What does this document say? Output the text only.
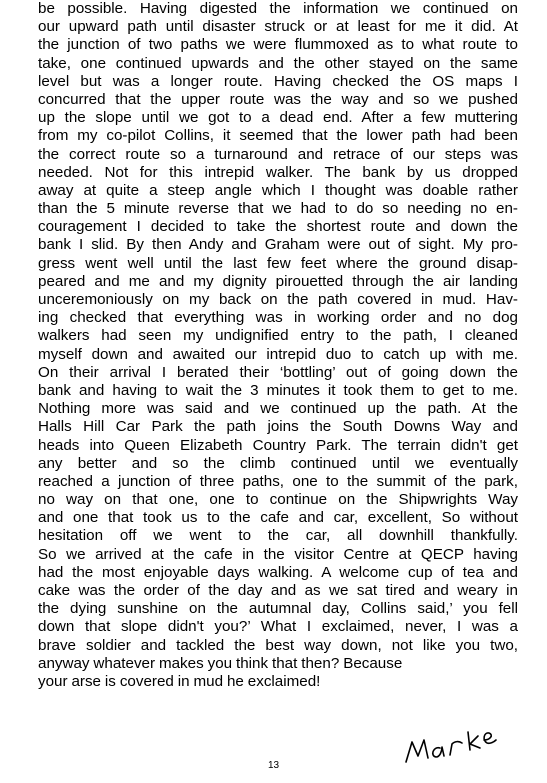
be possible. Having digested the information we continued on
our upward path until disaster struck or at least for me it did. At
the junction of two paths we were flummoxed as to what route to
take, one continued upwards and the other stayed on the same
level but was a longer route. Having checked the OS maps I
concurred that the upper route was the way and so we pushed
up the slope until we got to a dead end. After a few muttering
from my co-pilot Collins, it seemed that the lower path had been
the correct route so a turnaround and retrace of our steps was
needed. Not for this intrepid walker. The bank by us dropped
away at quite a steep angle which I thought was doable rather
than the 5 minute reverse that we had to do so needing no en-
couragement I decided to take the shortest route and down the
bank I slid. By then Andy and Graham were out of sight. My pro-
gress went well until the last few feet where the ground disap-
peared and me and my dignity pirouetted through the air landing
unceremoniously on my back on the path covered in mud. Hav-
ing checked that everything was in working order and no dog
walkers had seen my undignified entry to the path, I cleaned
myself down and awaited our intrepid duo to catch up with me.
On their arrival I berated their ‘bottling’ out of going down the
bank and having to wait the 3 minutes it took them to get to me.
Nothing more was said and we continued up the path. At the
Halls Hill Car Park the path joins the South Downs Way and
heads into Queen Elizabeth Country Park. The terrain didn't get
any better and so the climb continued until we eventually
reached a junction of three paths, one to the summit of the park,
no way on that one, one to continue on the Shipwrights Way
and one that took us to the cafe and car, excellent, So without
hesitation off we went to the car, all downhill thankfully.
So we arrived at the cafe in the visitor Centre at QECP having
had the most enjoyable days walking. A welcome cup of tea and
cake was the order of the day and as we sat tired and weary in
the dying sunshine on the autumnal day, Collins said,’ you fell
down that slope didn't you?’ What I exclaimed, never, I was a
brave soldier and tackled the best way down, not like you two,
anyway whatever makes you think that then? Because
your arse is covered in mud he exclaimed!
13
